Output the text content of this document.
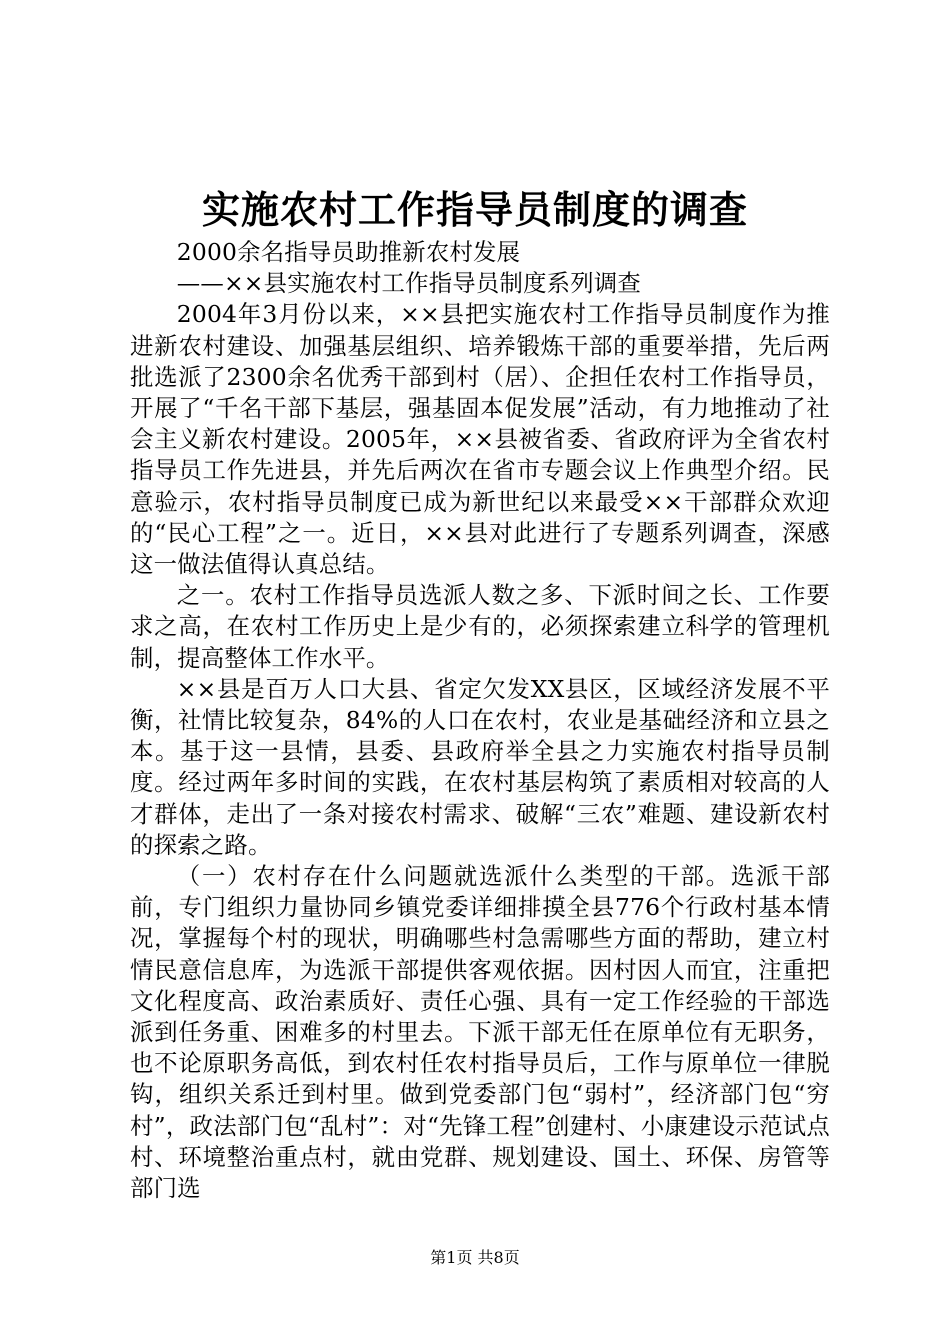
实施农村工作指导员制度的调查

2000余名指导员助推新农村发展

——××县实施农村工作指导员制度系列调查

2004年3月份以来，××县把实施农村工作指导员制度作为推进新农村建设、加强基层组织、培养锻炼干部的重要举措，先后两批选派了2300余名优秀干部到村（居）、企担任农村工作指导员，开展了“千名干部下基层，强基固本促发展”活动，有力地推动了社会主义新农村建设。2005年，××县被省委、省政府评为全省农村指导员工作先进县，并先后两次在省市专题会议上作典型介绍。民意验示，农村指导员制度已成为新世纪以来最受××干部群众欢迎的“民心工程”之一。近日，××县对此进行了专题系列调查，深感这一做法值得认真总结。

之一。农村工作指导员选派人数之多、下派时间之长、工作要求之高，在农村工作历史上是少有的，必须探索建立科学的管理机制，提高整体工作水平。

××县是百万人口大县、省定欠发XX县区，区域经济发展不平衡，社情比较复杂，84%的人口在农村，农业是基础经济和立县之本。基于这一县情，县委、县政府举全县之力实施农村指导员制度。经过两年多时间的实践，在农村基层构筑了素质相对较高的人才群体，走出了一条对接农村需求、破解“三农”难题、建设新农村的探索之路。

（一）农村存在什么问题就选派什么类型的干部。选派干部前，专门组织力量协同乡镇党委详细排摸全县776个行政村基本情况，掌握每个村的现状，明确哪些村急需哪些方面的帮助，建立村情民意信息库，为选派干部提供客观依据。因村因人而宜，注重把文化程度高、政治素质好、责任心强、具有一定工作经验的干部选派到任务重、困难多的村里去。下派干部无任在原单位有无职务，也不论原职务高低，到农村任农村指导员后，工作与原单位一律脱钩，组织关系迁到村里。做到党委部门包“弱村”，经济部门包“穷村”，政法部门包“乱村”：对“先锋工程”创建村、小康建设示范试点村、环境整治重点村，就由党群、规划建设、国土、环保、房管等部门选

第1页 共8页
